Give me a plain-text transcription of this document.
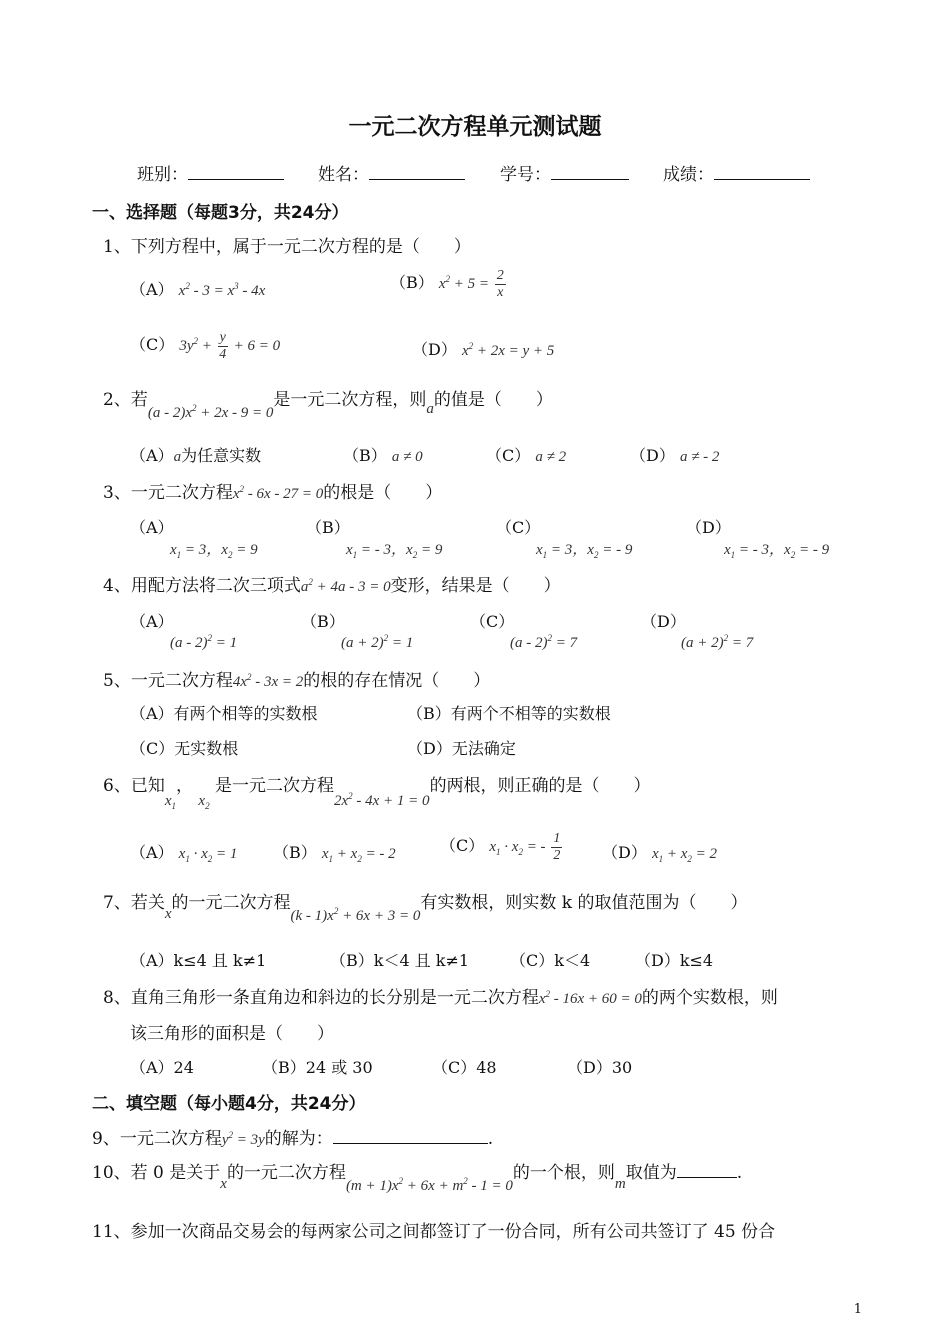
一元二次方程单元测试题
班别：	姓名：	学号：	成绩：
一、选择题（每题3分，共24分）
1、下列方程中，属于一元二次方程的是（　　）
（A） $x^2 - 3 = x^3 - 4x$	（B） $x^2 + 5 = \frac{2}{x}$
（C） $3y^2 + \frac{y}{4} + 6 = 0$	（D） $x^2 + 2x = y + 5$
2、若$(a - 2)x^2 + 2x - 9 = 0$是一元二次方程，则a的值是（　　）
（A）a为任意实数	（B） a ≠ 0	（C） a ≠ 2	（D） a ≠ - 2
3、一元二次方程$x^2 - 6x - 27 = 0$的根是（　　）
（A）
$x_1 = 3$，$x_2 = 9$
（B）
$x_1$ = - 3，$x_2 = 9$
（C）
$x_1 = 3$，$x_2$ = - 9
（D）
$x_1$ = - 3，$x_2$ = - 9
4、用配方法将二次三项式$a^2 + 4a - 3 = 0$变形，结果是（　　）
（A）
(a - 2)$^2$ = 1
（B）
$(a + 2)^2 = 1$
（C）
(a - 2)$^2$ = 7
（D）
$(a + 2)^2 = 7$
5、一元二次方程$4x^2 - 3x = 2$的根的存在情况（　　）
（A）有两个相等的实数根	（B）有两个不相等的实数根
（C）无实数根	（D）无法确定
6、已知$x_1$， $x_2$ 是一元二次方程$2x^2 - 4x + 1 = 0$的两根，则正确的是（　　）
（A） $x_1 \cdot x_2 = 1$ （B） $x_1 + x_2$ = - 2	（C） $x_1 \cdot x_2$ = - $\frac{1}{2} (D) x_1 + x_2 = 2$
7、若关x的一元二次方程$(k - 1)x^2 + 6x + 3 = 0$有实数根，则实数 k 的取值范围为（　　）
（A）k≤4 且 k≠1	（B）k＜4 且 k≠1	（C）k＜4	（D）k≤4
8、直角三角形一条直角边和斜边的长分别是一元二次方程$x^2 - 16x + 60 = 0$的两个实数根，则
该三角形的面积是（　　）
（A）24	（B）24 或 30	（C）48	（D）30
二、填空题（每小题4分，共24分）
9、一元二次方程$y^2 = 3y$的解为：	.
10、若 0 是关于x的一元二次方程$(m + 1)x^2 + 6x + m^2 - 1 = 0$的一个根，则m取值为	.
11、参加一次商品交易会的每两家公司之间都签订了一份合同，所有公司共签订了 45 份合
1
